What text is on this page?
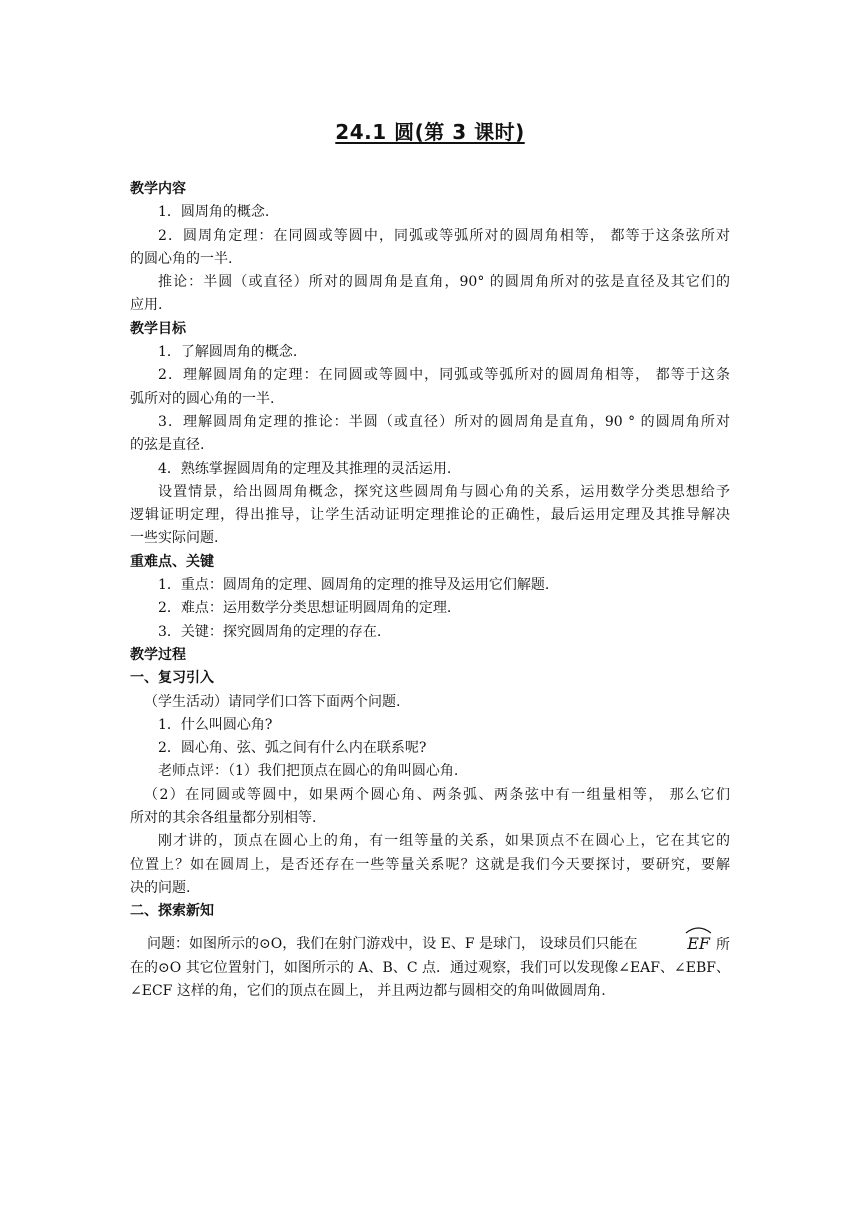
24.1 圆(第 3 课时)
教学内容
1．圆周角的概念.
2．圆周角定理：在同圆或等圆中，同弧或等弧所对的圆周角相等， 都等于这条弦所对
的圆心角的一半.
推论：半圆（或直径）所对的圆周角是直角，90° 的圆周角所对的弦是直径及其它们的
应用.
教学目标
1．了解圆周角的概念.
2．理解圆周角的定理：在同圆或等圆中，同弧或等弧所对的圆周角相等， 都等于这条
弧所对的圆心角的一半.
3．理解圆周角定理的推论：半圆（或直径）所对的圆周角是直角，90 ° 的圆周角所对
的弦是直径.
4．熟练掌握圆周角的定理及其推理的灵活运用.
设置情景，给出圆周角概念，探究这些圆周角与圆心角的关系，运用数学分类思想给予
逻辑证明定理，得出推导，让学生活动证明定理推论的正确性，最后运用定理及其推导解决
一些实际问题.
重难点、关键
1．重点：圆周角的定理、圆周角的定理的推导及运用它们解题.
2．难点：运用数学分类思想证明圆周角的定理.
3．关键：探究圆周角的定理的存在.
教学过程
一、复习引入
（学生活动）请同学们口答下面两个问题.
1．什么叫圆心角?
2．圆心角、弦、弧之间有什么内在联系呢?
老师点评：（1）我们把顶点在圆心的角叫圆心角.
（2）在同圆或等圆中，如果两个圆心角、两条弧、两条弦中有一组量相等， 那么它们
所对的其余各组量都分别相等.
刚才讲的，顶点在圆心上的角，有一组等量的关系，如果顶点不在圆心上，它在其它的
位置上？如在圆周上，是否还存在一些等量关系呢？这就是我们今天要探讨，要研究，要解
决的问题.
二、探索新知
问题：如图所示的⊙O，我们在射门游戏中，设 E、F 是球门， 设球员们只能在	EF 所
在的⊙O 其它位置射门，如图所示的 A、B、C 点．通过观察，我们可以发现像∠EAF、∠EBF、
∠ECF 这样的角，它们的顶点在圆上， 并且两边都与圆相交的角叫做圆周角.
